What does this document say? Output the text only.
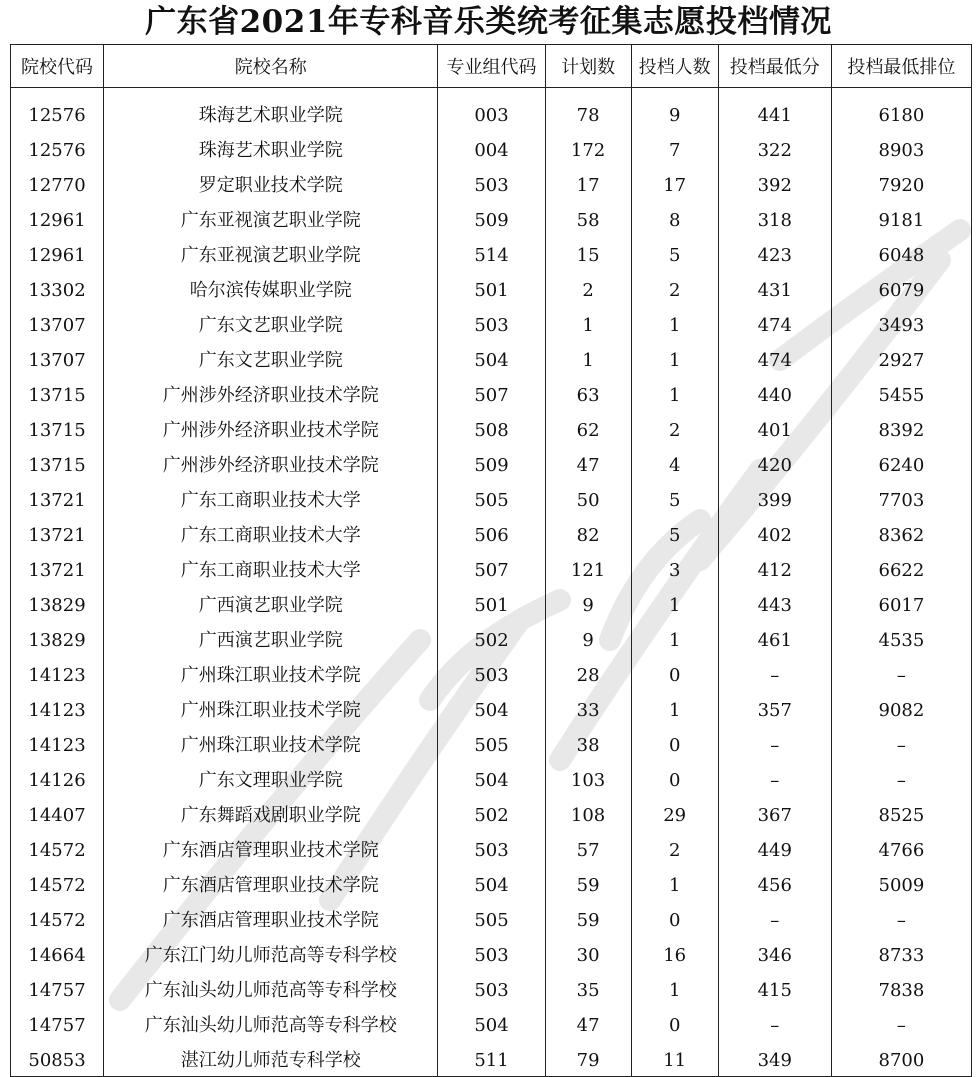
广东省2021年专科音乐类统考征集志愿投档情况
院校代码	院校名称	专业组代码	计划数	投档人数	投档最低分	投档最低排位
12576	珠海艺术职业学院	003	78	9	441	6180
12576	珠海艺术职业学院	004	172	7	322	8903
12770	罗定职业技术学院	503	17	17	392	7920
12961	广东亚视演艺职业学院	509	58	8	318	9181
12961	广东亚视演艺职业学院	514	15	5	423	6048
13302	哈尔滨传媒职业学院	501	2	2	431	6079
13707	广东文艺职业学院	503	1	1	474	3493
13707	广东文艺职业学院	504	1	1	474	2927
13715	广州涉外经济职业技术学院	507	63	1	440	5455
13715	广州涉外经济职业技术学院	508	62	2	401	8392
13715	广州涉外经济职业技术学院	509	47	4	420	6240
13721	广东工商职业技术大学	505	50	5	399	7703
13721	广东工商职业技术大学	506	82	5	402	8362
13721	广东工商职业技术大学	507	121	3	412	6622
13829	广西演艺职业学院	501	9	1	443	6017
13829	广西演艺职业学院	502	9	1	461	4535
14123	广州珠江职业技术学院	503	28	0	–	–
14123	广州珠江职业技术学院	504	33	1	357	9082
14123	广州珠江职业技术学院	505	38	0	–	–
14126	广东文理职业学院	504	103	0	–	–
14407	广东舞蹈戏剧职业学院	502	108	29	367	8525
14572	广东酒店管理职业技术学院	503	57	2	449	4766
14572	广东酒店管理职业技术学院	504	59	1	456	5009
14572	广东酒店管理职业技术学院	505	59	0	–	–
14664	广东江门幼儿师范高等专科学校	503	30	16	346	8733
14757	广东汕头幼儿师范高等专科学校	503	35	1	415	7838
14757	广东汕头幼儿师范高等专科学校	504	47	0	–	–
50853	湛江幼儿师范专科学校	511	79	11	349	8700
